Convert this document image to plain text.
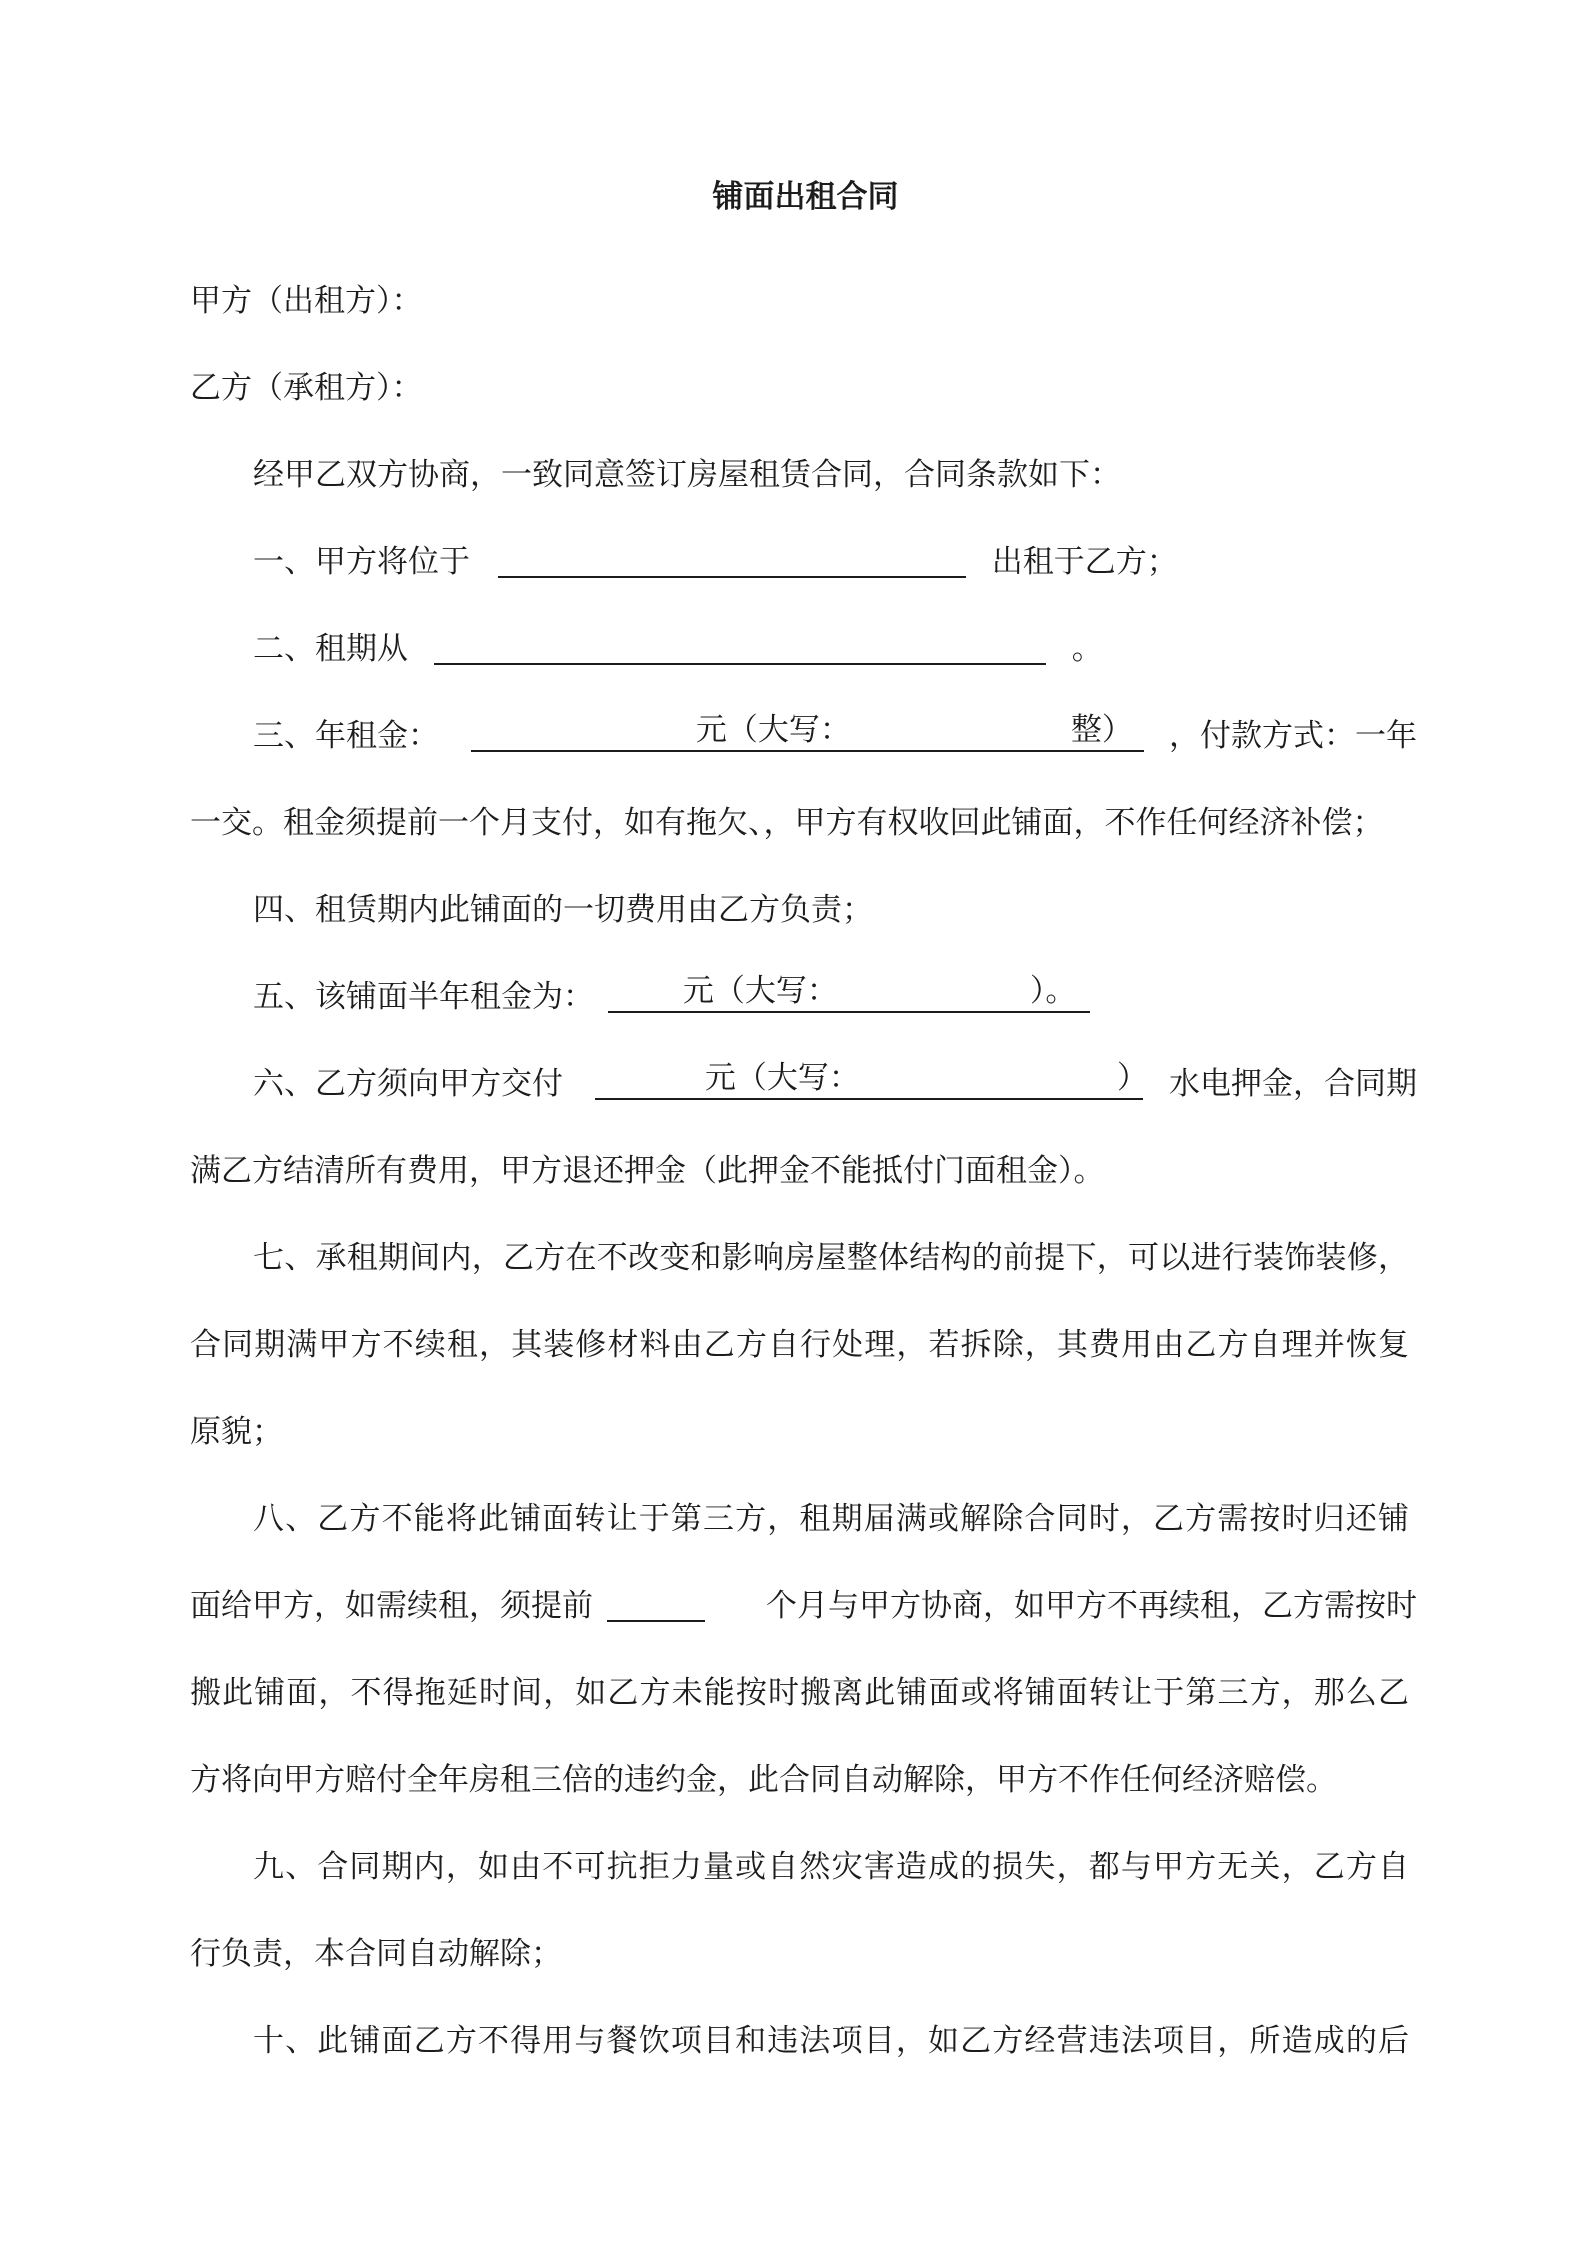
铺面出租合同
甲方（出租方）：
乙方（承租方）：
经甲乙双方协商，一致同意签订房屋租赁合同，合同条款如下：
一、甲方将位于	出租于乙方；
二、租期从	。
三、年租金：	元（大写：	整） ，付款方式：一年
一交。租金须提前一个月支付，如有拖欠、，甲方有权收回此铺面，不作任何经济补偿；
四、租赁期内此铺面的一切费用由乙方负责；
五、该铺面半年租金为：	元（大写：	）。
六、乙方须向甲方交付	元（大写：	） 水电押金，合同期
满乙方结清所有费用，甲方退还押金（此押金不能抵付门面租金）。
七、承租期间内，乙方在不改变和影响房屋整体结构的前提下，可以进行装饰装修，
合同期满甲方不续租，其装修材料由乙方自行处理，若拆除，其费用由乙方自理并恢复
原貌；
八、乙方不能将此铺面转让于第三方，租期届满或解除合同时，乙方需按时归还铺
面给甲方，如需续租，须提前	个月与甲方协商，如甲方不再续租，乙方需按时
搬此铺面，不得拖延时间，如乙方未能按时搬离此铺面或将铺面转让于第三方，那么乙
方将向甲方赔付全年房租三倍的违约金，此合同自动解除，甲方不作任何经济赔偿。
九、合同期内，如由不可抗拒力量或自然灾害造成的损失，都与甲方无关，乙方自
行负责，本合同自动解除；
十、此铺面乙方不得用与餐饮项目和违法项目，如乙方经营违法项目，所造成的后
